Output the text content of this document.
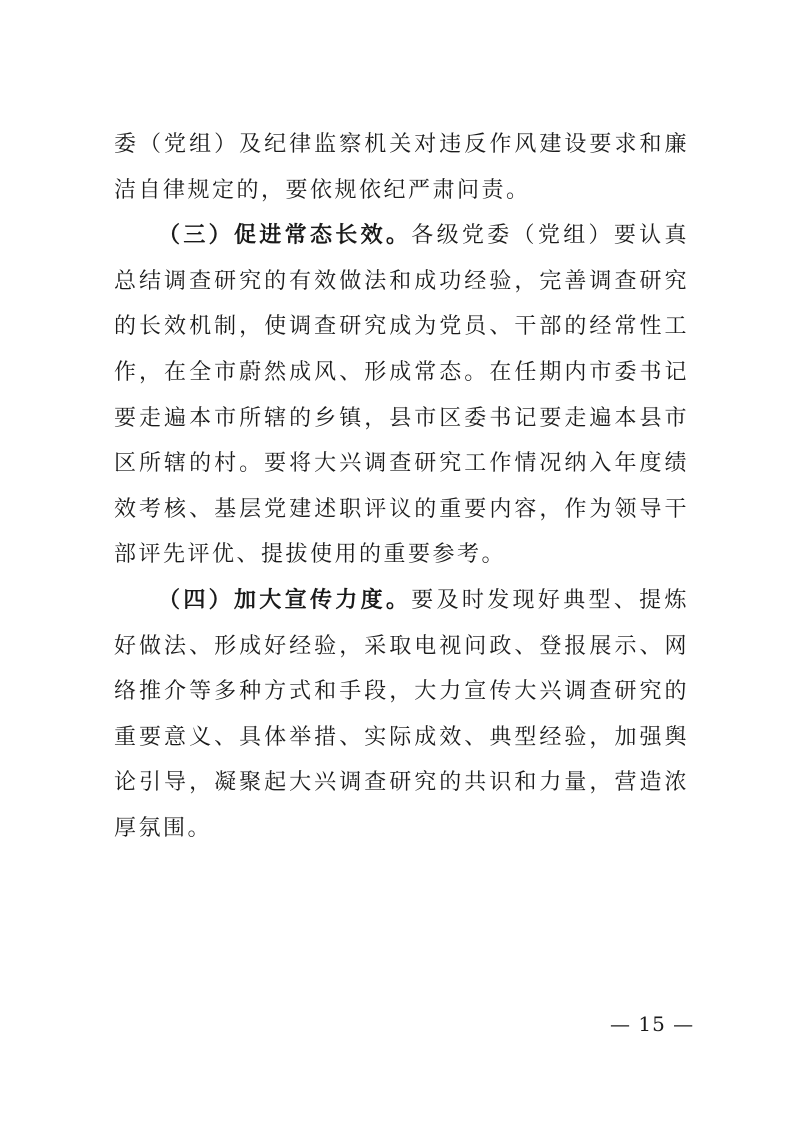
委（党组）及纪律监察机关对违反作风建设要求和廉洁自律规定的，要依规依纪严肃问责。

（三）促进常态长效。各级党委（党组）要认真总结调查研究的有效做法和成功经验，完善调查研究的长效机制，使调查研究成为党员、干部的经常性工作，在全市蔚然成风、形成常态。在任期内市委书记要走遍本市所辖的乡镇，县市区委书记要走遍本县市区所辖的村。要将大兴调查研究工作情况纳入年度绩效考核、基层党建述职评议的重要内容，作为领导干部评先评优、提拔使用的重要参考。

（四）加大宣传力度。要及时发现好典型、提炼好做法、形成好经验，采取电视问政、登报展示、网络推介等多种方式和手段，大力宣传大兴调查研究的重要意义、具体举措、实际成效、典型经验，加强舆论引导，凝聚起大兴调查研究的共识和力量，营造浓厚氛围。

— 15 —
